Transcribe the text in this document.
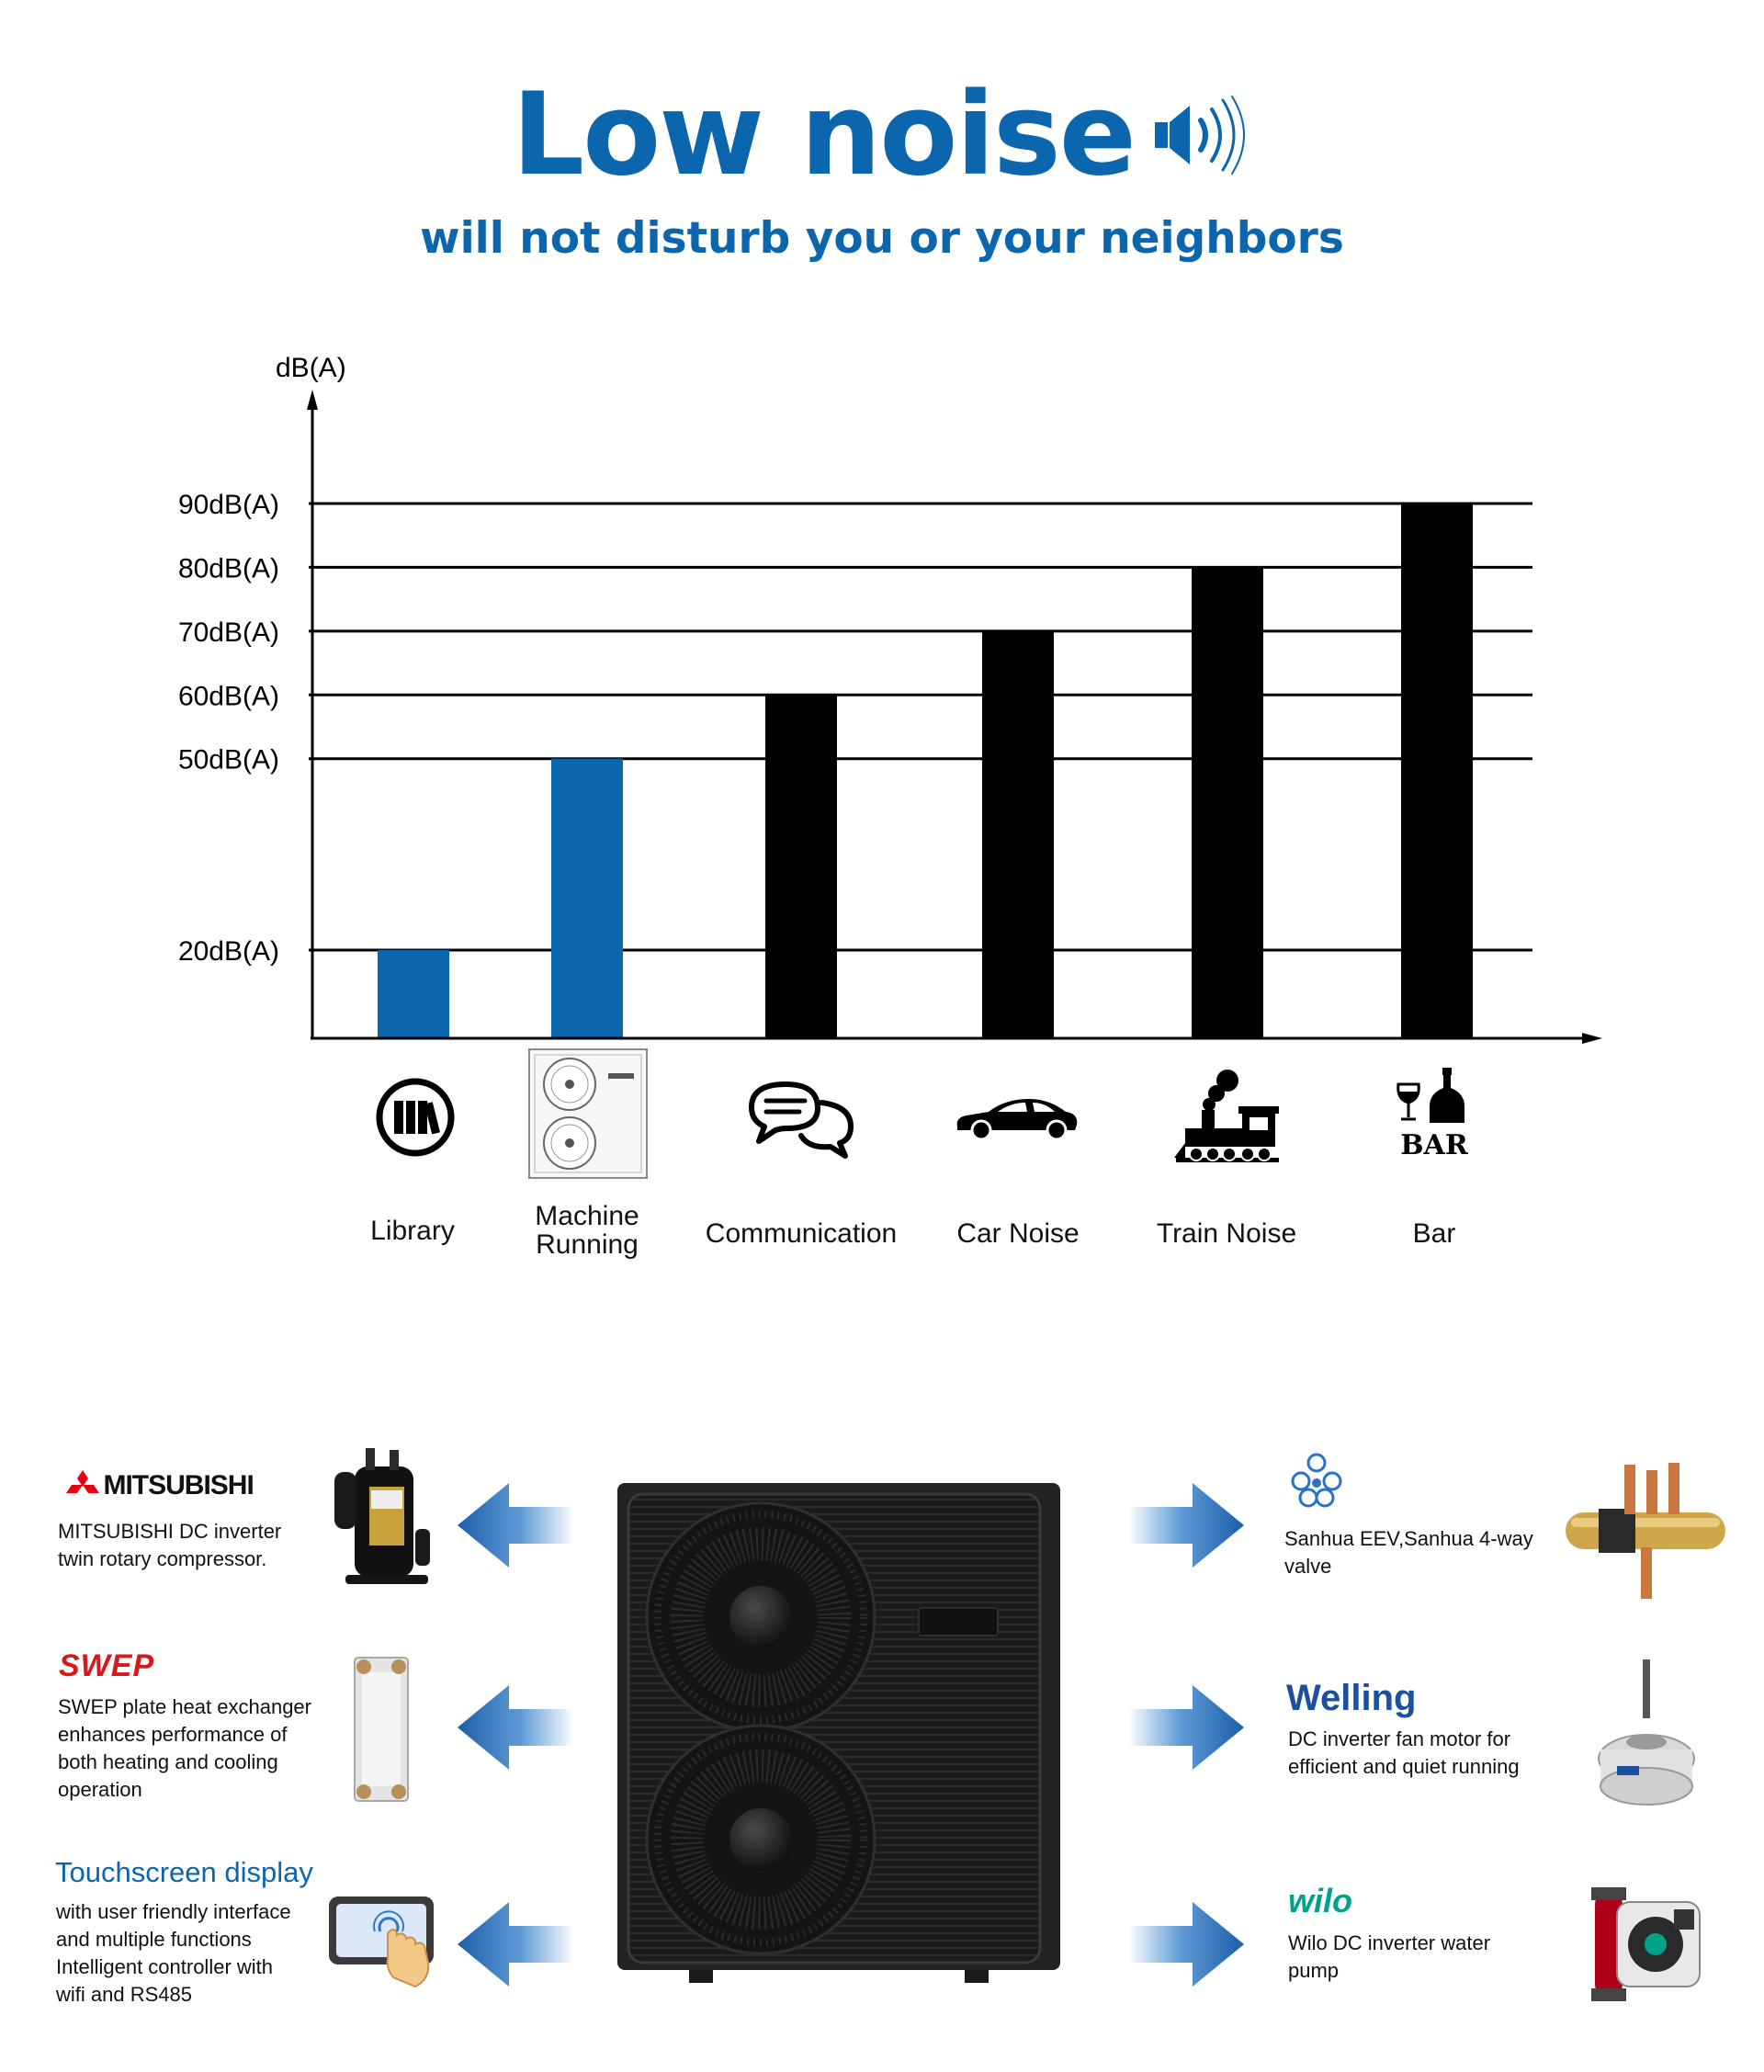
Low noise
will not disturb you or your neighbors
dB(A)
20dB(A)
50dB(A)
60dB(A)
70dB(A)
80dB(A)
90dB(A)
BAR
Library	Machine
Running	Communication	Car Noise	Train Noise	Bar
MITSUBISHI
MITSUBISHI DC inverter
twin rotary compressor.
SWEP
SWEP plate heat exchanger
enhances performance of
both heating and cooling
operation
Touchscreen display
with user friendly interface
and multiple functions
Intelligent controller with
wifi and RS485
Sanhua EEV,Sanhua 4-way
valve
Welling
DC inverter fan motor for
efficient and quiet running
wilo
Wilo DC inverter water
pump
